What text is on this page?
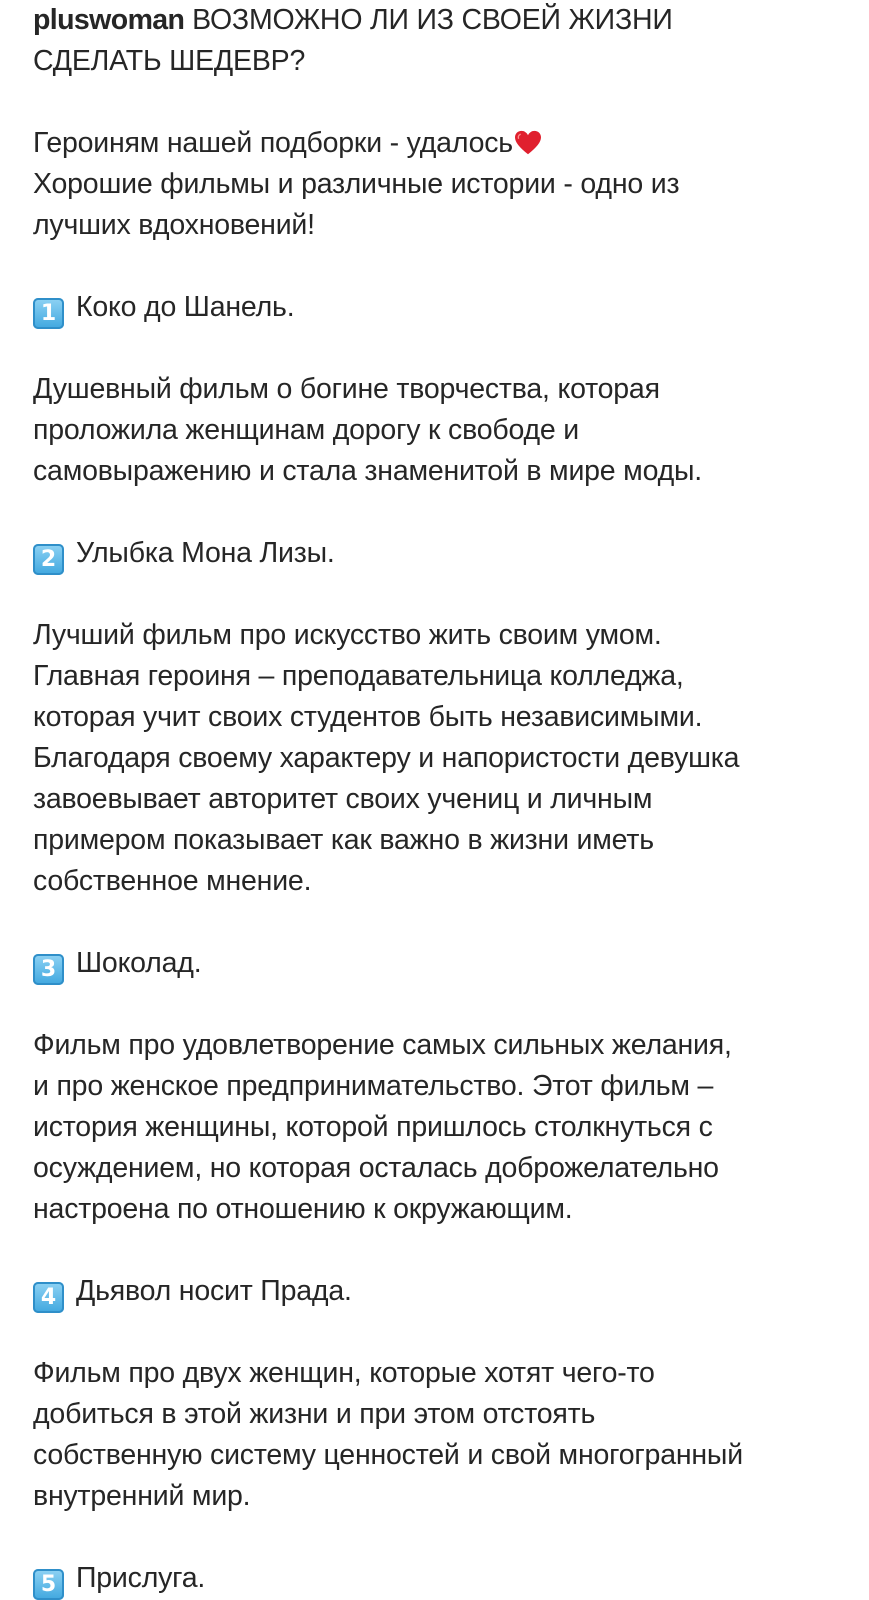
pluswoman ВОЗМОЖНО ЛИ ИЗ СВОЕЙ ЖИЗНИ
СДЕЛАТЬ ШЕДЕВР?
Героиням нашей подборки - удалось
Хорошие фильмы и различные истории - одно из
лучших вдохновений!
1 Коко до Шанель.
Душевный фильм о богине творчества, которая
проложила женщинам дорогу к свободе и
самовыражению и стала знаменитой в мире моды.
2 Улыбка Мона Лизы.
Лучший фильм про искусство жить своим умом.
Главная героиня – преподавательница колледжа,
которая учит своих студентов быть независимыми.
Благодаря своему характеру и напористости девушка
завоевывает авторитет своих учениц и личным
примером показывает как важно в жизни иметь
собственное мнение.
3 Шоколад.
Фильм про удовлетворение самых сильных желания,
и про женское предпринимательство. Этот фильм –
история женщины, которой пришлось столкнуться с
осуждением, но которая осталась доброжелательно
настроена по отношению к окружающим.
4 Дьявол носит Прада.
Фильм про двух женщин, которые хотят чего-то
добиться в этой жизни и при этом отстоять
собственную систему ценностей и свой многогранный
внутренний мир.
5 Прислуга.
